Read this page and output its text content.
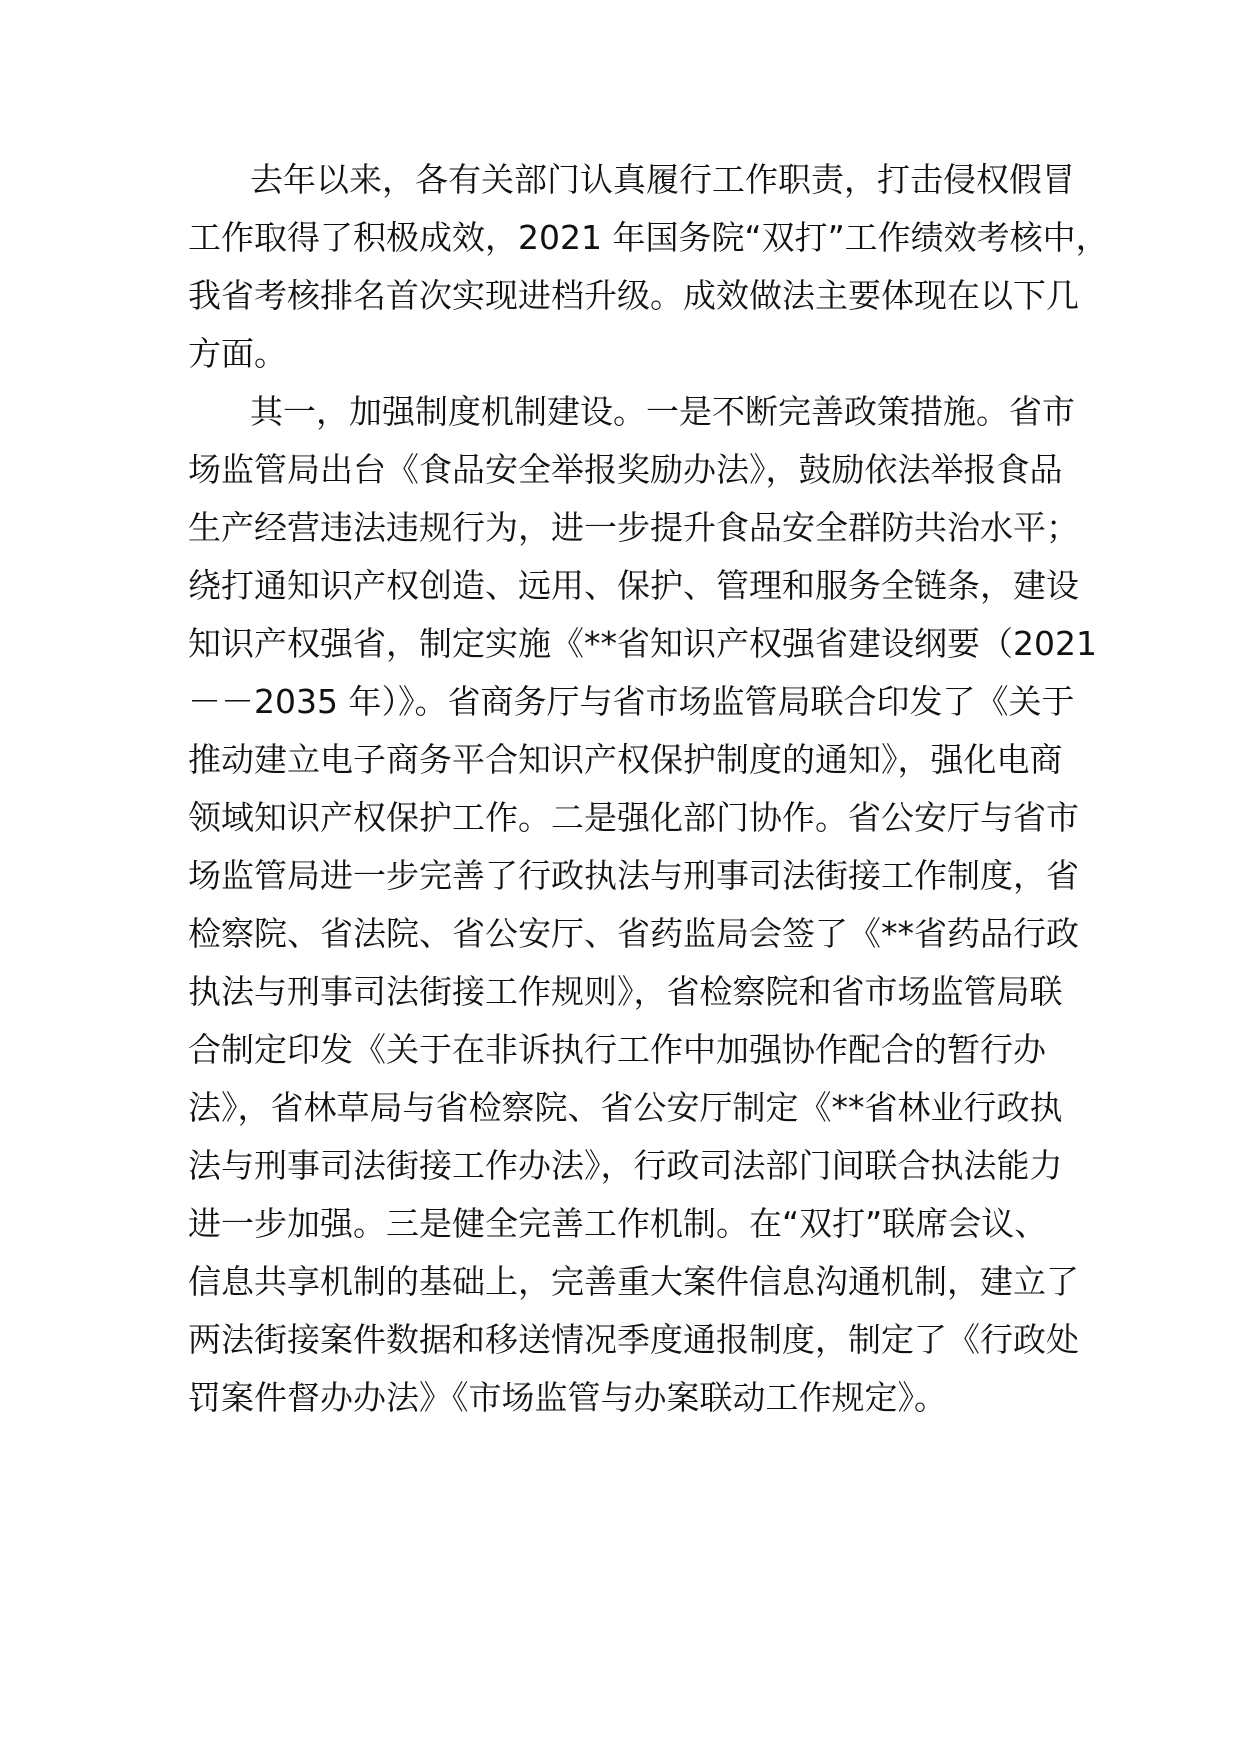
去年以来，各有关部门认真履行工作职责，打击侵权假冒
工作取得了积极成效，2021 年国务院“双打”工作绩效考核中，
我省考核排名首次实现进档升级。成效做法主要体现在以下几
方面。
其一，加强制度机制建设。一是不断完善政策措施。省市
场监管局出台《食品安全举报奖励办法》，鼓励依法举报食品
生产经营违法违规行为，进一步提升食品安全群防共治水平；
绕打通知识产权创造、远用、保护、管理和服务全链条，建设
知识产权强省，制定实施《**省知识产权强省建设纲要（2021
－－2035 年）》。省商务厅与省市场监管局联合印发了《关于
推动建立电子商务平合知识产权保护制度的通知》，强化电商
领域知识产权保护工作。二是强化部门协作。省公安厅与省市
场监管局进一步完善了行政执法与刑事司法街接工作制度，省
检察院、省法院、省公安厅、省药监局会签了《**省药品行政
执法与刑事司法街接工作规则》，省检察院和省市场监管局联
合制定印发《关于在非诉执行工作中加强协作配合的暂行办
法》，省林草局与省检察院、省公安厅制定《**省林业行政执
法与刑事司法街接工作办法》，行政司法部门间联合执法能力
进一步加强。三是健全完善工作机制。在“双打”联席会议、
信息共享机制的基础上，完善重大案件信息沟通机制，建立了
两法街接案件数据和移送情况季度通报制度，制定了《行政处
罚案件督办办法》《市场监管与办案联动工作规定》。
